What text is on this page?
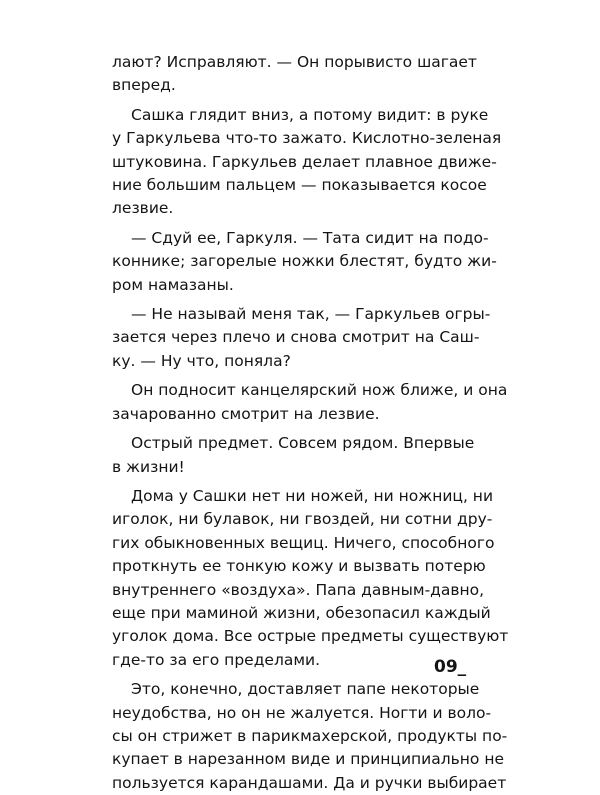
лают? Исправляют. — Он порывисто шагает
вперед.

Сашка глядит вниз, а потому видит: в руке
у Гаркульева что-то зажато. Кислотно-зеленая
штуковина. Гаркульев делает плавное движе-
ние большим пальцем — показывается косое
лезвие.

— Сдуй ее, Гаркуля. — Тата сидит на подо-
коннике; загорелые ножки блестят, будто жи-
ром намазаны.

— Не называй меня так, — Гаркульев огры-
зается через плечо и снова смотрит на Саш-
ку. — Ну что, поняла?

Он подносит канцелярский нож ближе, и она
зачарованно смотрит на лезвие.

Острый предмет. Совсем рядом. Впервые
в жизни!

Дома у Сашки нет ни ножей, ни ножниц, ни
иголок, ни булавок, ни гвоздей, ни сотни дру-
гих обыкновенных вещиц. Ничего, способного
проткнуть ее тонкую кожу и вызвать потерю
внутреннего «воздуха». Папа давным-давно,
еще при маминой жизни, обезопасил каждый
уголок дома. Все острые предметы существуют
где-то за его пределами.

Это, конечно, доставляет папе некоторые
неудобства, но он не жалуется. Ногти и воло-
сы он стрижет в парикмахерской, продукты по-
купает в нарезанном виде и принципиально не
пользуется карандашами. Да и ручки выбирает

09_
